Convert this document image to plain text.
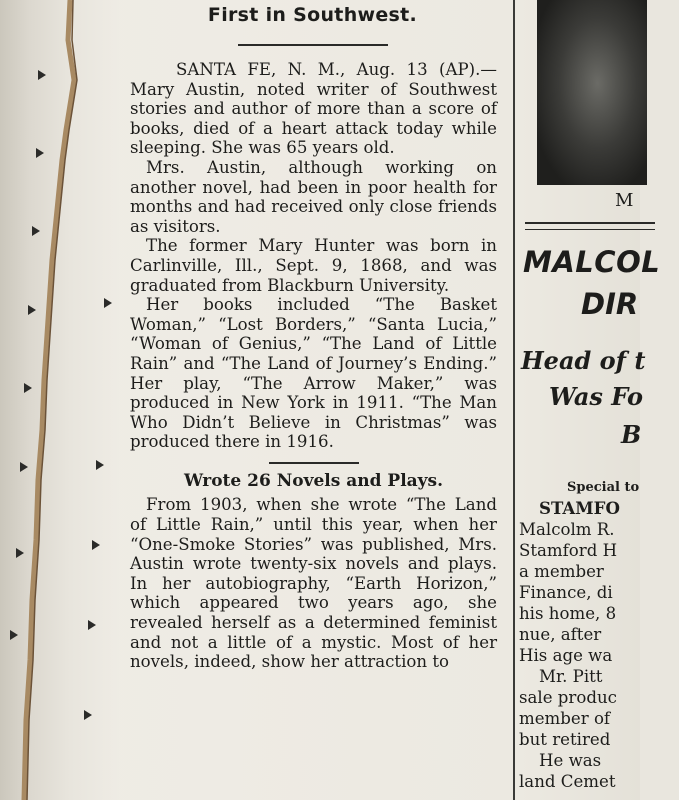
First in Southwest.

SANTA FE, N. M., Aug. 13 (AP).— Mary Austin, noted writer of Southwest stories and author of more than a score of books, died of a heart attack today while sleeping. She was 65 years old.

Mrs. Austin, although working on another novel, had been in poor health for months and had received only close friends as visitors.

The former Mary Hunter was born in Carlinville, Ill., Sept. 9, 1868, and was graduated from Blackburn University.

Her books included “The Basket Woman,” “Lost Borders,” “Santa Lucia,” “Woman of Genius,” “The Land of Little Rain” and “The Land of Journey’s Ending.” Her play, “The Arrow Maker,” was produced in New York in 1911. “The Man Who Didn’t Believe in Christmas” was produced there in 1916.

Wrote 26 Novels and Plays.

From 1903, when she wrote “The Land of Little Rain,” until this year, when her “One-Smoke Stories” was published, Mrs. Austin wrote twenty-six novels and plays. In her autobiography, “Earth Horizon,” which appeared two years ago, she revealed herself as a determined feminist and not a little of a mystic. Most of her novels, indeed, show her attraction to

M
MALCOL
DIR
Head of t
Was Fo
B
Special to
STAMFO
Malcolm R.
Stamford H
a member
Finance, di
his home, 8
nue, after
His age wa
Mr. Pitt
sale produc
member of
but retired
He was
land Cemet
